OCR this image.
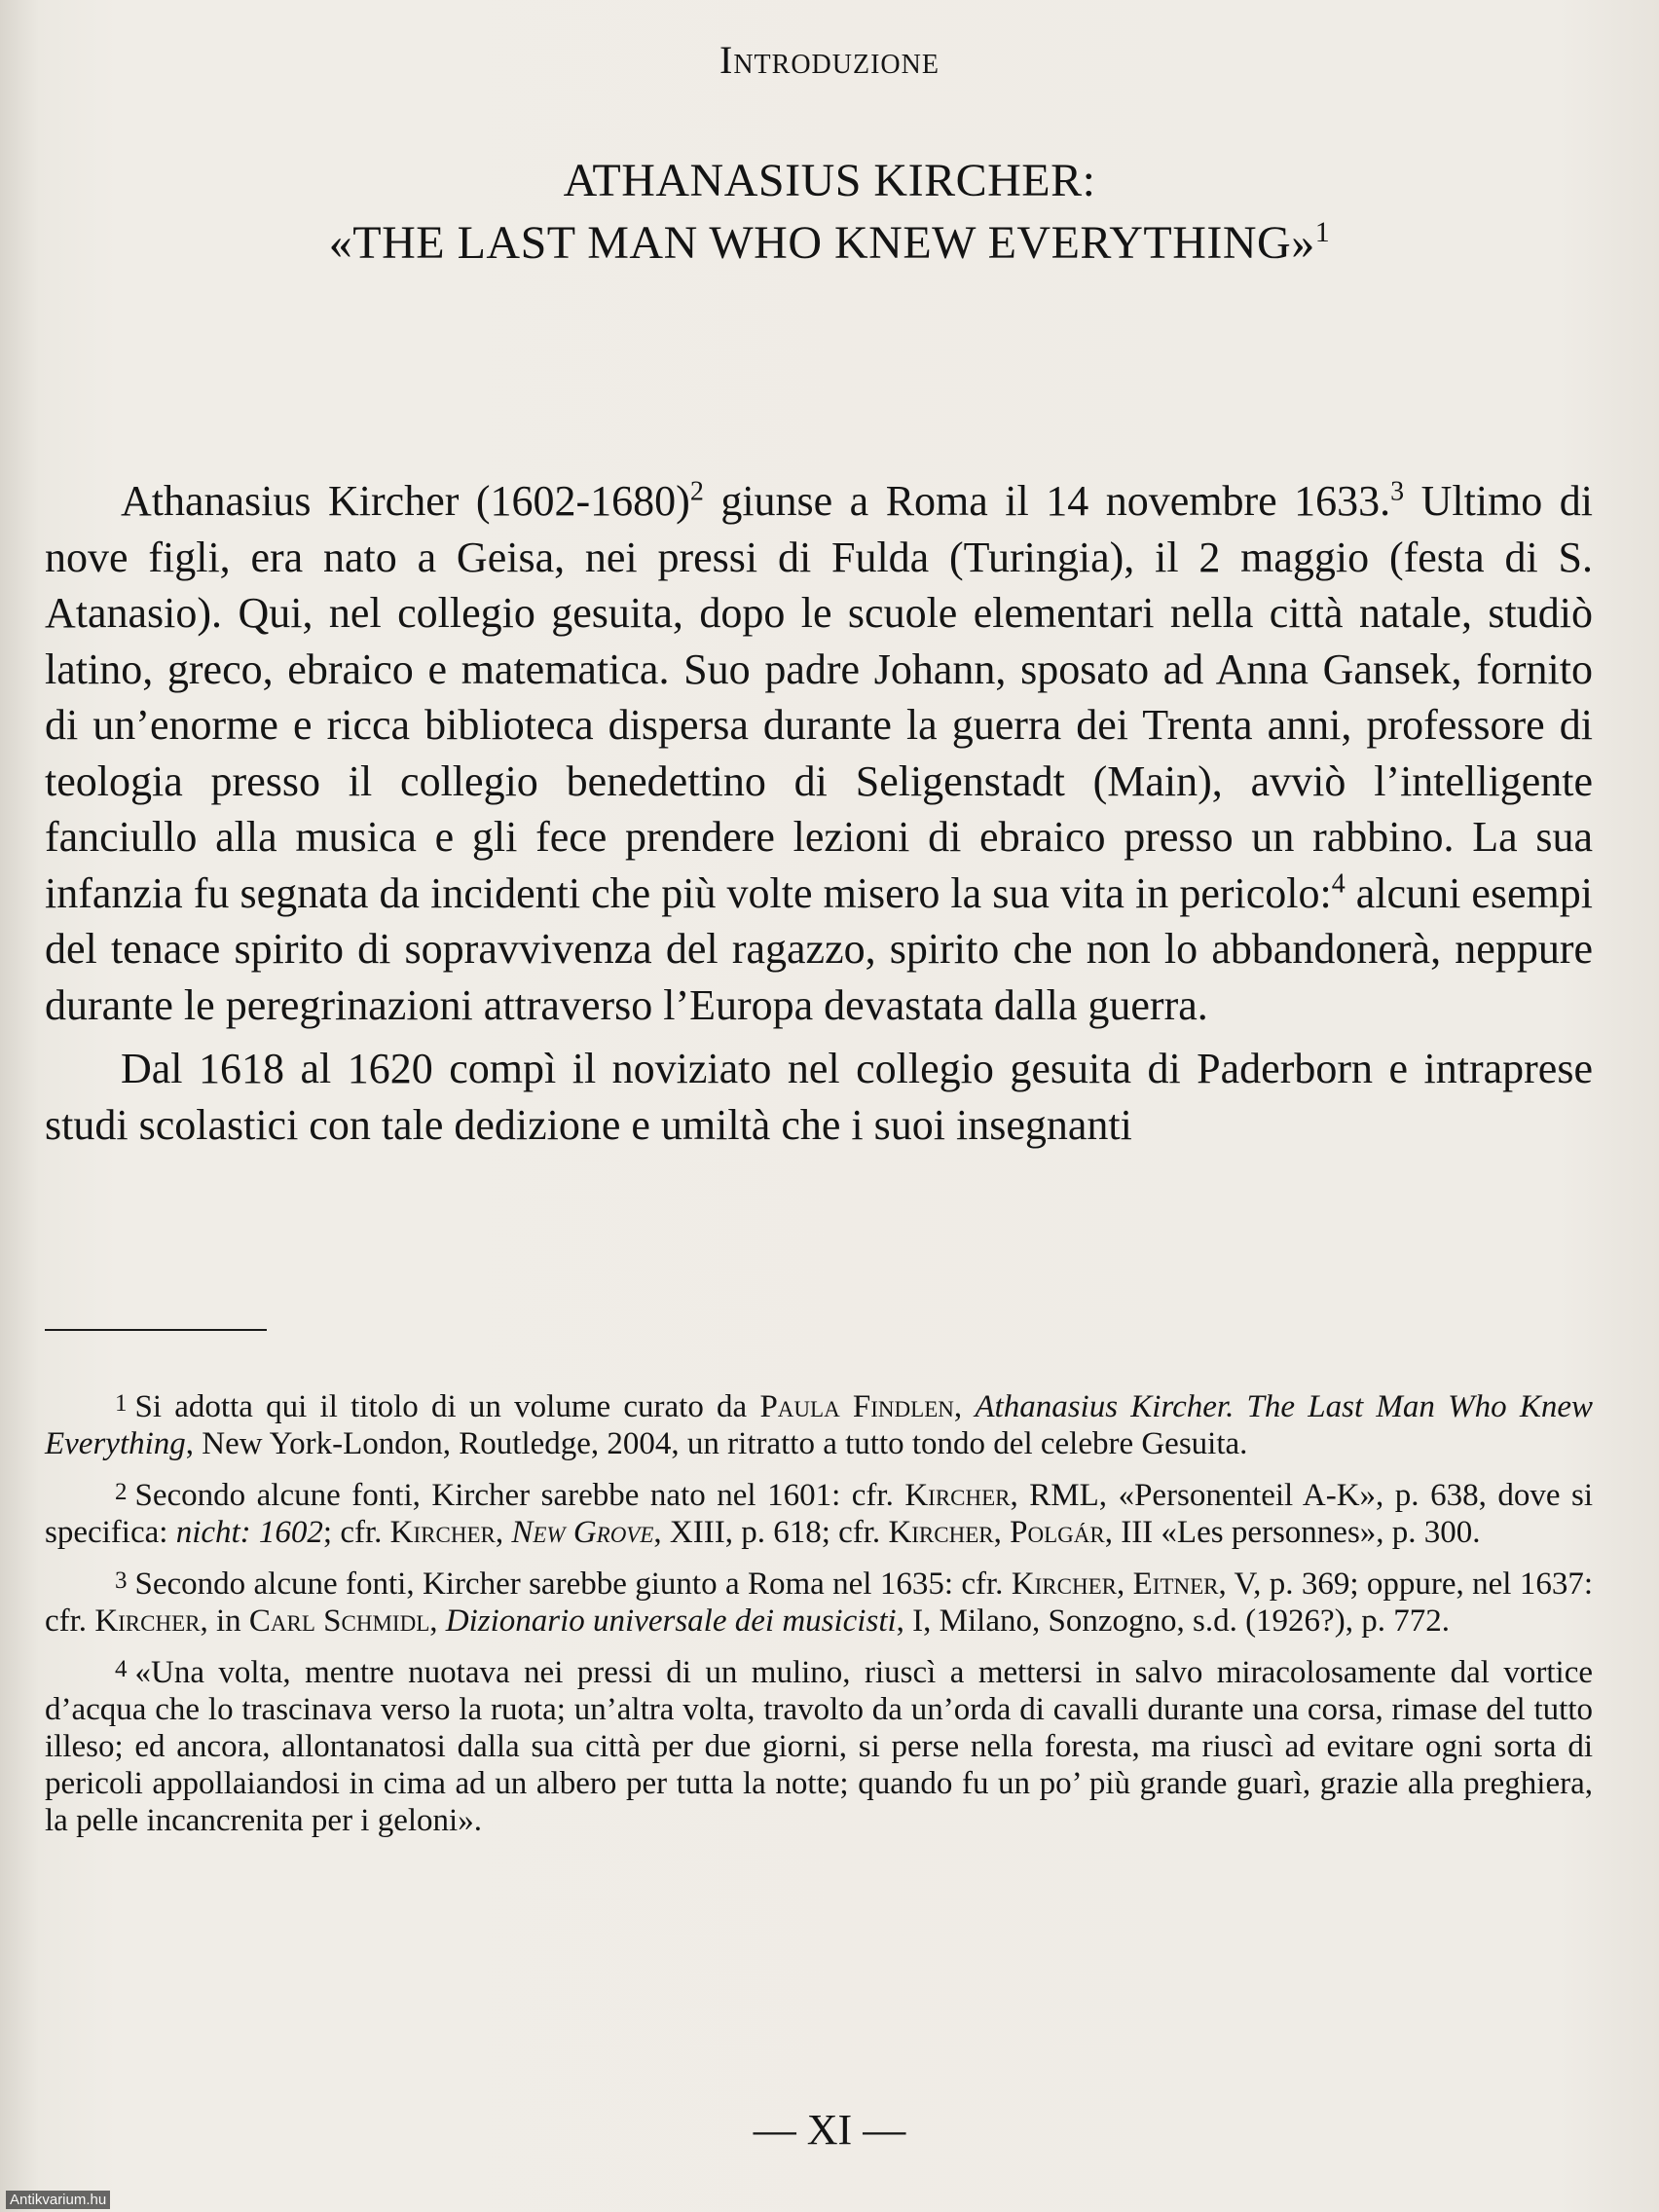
Introduzione
ATHANASIUS KIRCHER:
«THE LAST MAN WHO KNEW EVERYTHING»$^1$

Athanasius Kircher (1602-1680)$^2$ giunse a Roma il 14 novembre 1633.$^3$ Ultimo di nove figli, era nato a Geisa, nei pressi di Fulda (Turingia), il 2 maggio (festa di S. Atanasio). Qui, nel collegio gesuita, dopo le scuole elementari nella città natale, studiò latino, greco, ebraico e matematica. Suo padre Johann, sposato ad Anna Gansek, fornito di un’enorme e ricca biblioteca dispersa durante la guerra dei Trenta anni, professore di teologia presso il collegio benedettino di Seligenstadt (Main), avviò l’intelligente fanciullo alla musica e gli fece prendere lezioni di ebraico presso un rabbino. La sua infanzia fu segnata da incidenti che più volte misero la sua vita in pericolo:$^4$ alcuni esempi del tenace spirito di sopravvivenza del ragazzo, spirito che non lo abbandonerà, neppure durante le peregrinazioni attraverso l’Europa devastata dalla guerra.

Dal 1618 al 1620 compì il noviziato nel collegio gesuita di Paderborn e intraprese studi scolastici con tale dedizione e umiltà che i suoi insegnanti

1 Si adotta qui il titolo di un volume curato da Paula Findlen, Athanasius Kircher. The Last Man Who Knew Everything, New York-London, Routledge, 2004, un ritratto a tutto tondo del celebre Gesuita.

2 Secondo alcune fonti, Kircher sarebbe nato nel 1601: cfr. Kircher, RML, «Personenteil A-K», p. 638, dove si specifica: nicht: 1602; cfr. Kircher, New Grove, XIII, p. 618; cfr. Kircher, Polgár, III «Les personnes», p. 300.

3 Secondo alcune fonti, Kircher sarebbe giunto a Roma nel 1635: cfr. Kircher, Eitner, V, p. 369; oppure, nel 1637: cfr. Kircher, in Carl Schmidl, Dizionario universale dei musicisti, I, Milano, Sonzogno, s.d. (1926?), p. 772.

4 «Una volta, mentre nuotava nei pressi di un mulino, riuscì a mettersi in salvo miracolosamente dal vortice d’acqua che lo trascinava verso la ruota; un’altra volta, travolto da un’orda di cavalli durante una corsa, rimase del tutto illeso; ed ancora, allontanatosi dalla sua città per due giorni, si perse nella foresta, ma riuscì ad evitare ogni sorta di pericoli appollaiandosi in cima ad un albero per tutta la notte; quando fu un po’ più grande guarì, grazie alla preghiera, la pelle incancrenita per i geloni».

— XI —
Antikvarium.hu
